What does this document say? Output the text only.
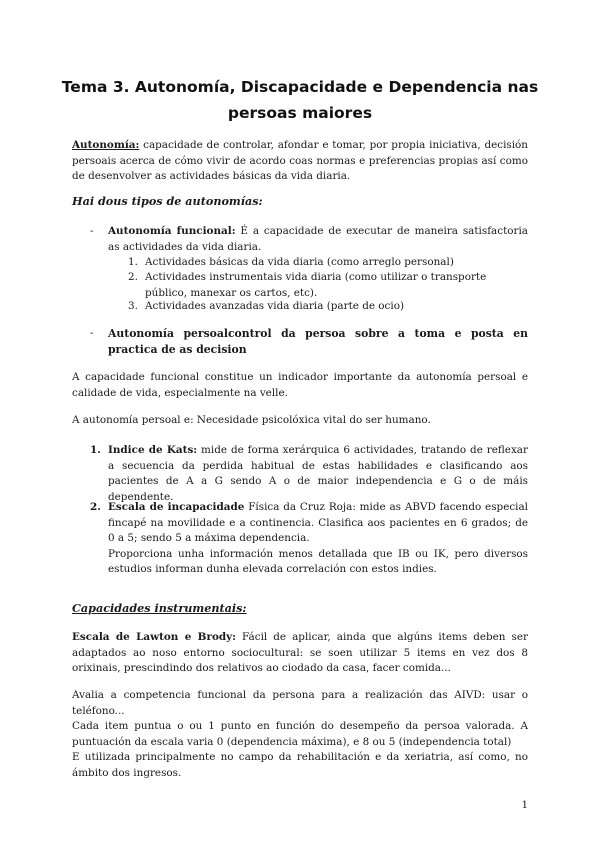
Tema 3. Autonomía, Discapacidade e Dependencia nas
persoas maiores
Autonomía: capacidade de controlar, afondar e tomar, por propia iniciativa, decisión persoais acerca de cómo vivir de acordo coas normas e preferencias propias así como de desenvolver as actividades básicas da vida diaria.
Hai dous tipos de autonomías:
- Autonomía funcional: É a capacidade de executar de maneira satisfactoria as actividades da vida diaria.
1. Actividades básicas da vida diaria (como arreglo personal)
2. Actividades instrumentais vida diaria (como utilizar o transporte público, manexar os cartos, etc).
3. Actividades avanzadas vida diaria (parte de ocio)
- Autonomía persoalcontrol da persoa sobre a toma e posta en practica de as decision
A capacidade funcional constitue un indicador importante da autonomía persoal e calidade de vida, especialmente na velle.
A autonomía persoal e: Necesidade psicolóxica vital do ser humano.
1. Indice de Kats: mide de forma xerárquica 6 actividades, tratando de reflexar a secuencia da perdida habitual de estas habilidades e clasificando aos pacientes de A a G sendo A o de maior independencia e G o de máis dependente.
2. Escala de incapacidade Física da Cruz Roja: mide as ABVD facendo especial fincapé na movilidade e a continencia. Clasifica aos pacientes en 6 grados; de 0 a 5; sendo 5 a máxima dependencia.
Proporciona unha información menos detallada que IB ou IK, pero diversos estudios informan dunha elevada correlación con estos indies.
Capacidades instrumentais:
Escala de Lawton e Brody: Fácil de aplicar, ainda que algúns items deben ser adaptados ao noso entorno sociocultural: se soen utilizar 5 items en vez dos 8 orixinais, prescindindo dos relativos ao ciodado da casa, facer comida...
Avalia a competencia funcional da persona para a realización das AIVD: usar o teléfono...
Cada item puntua o ou 1 punto en función do desempeño da persoa valorada. A puntuación da escala varia 0 (dependencia máxima), e 8 ou 5 (independencia total)
E utilizada principalmente no campo da rehabilitación e da xeriatria, así como, no ámbito dos ingresos.
1
